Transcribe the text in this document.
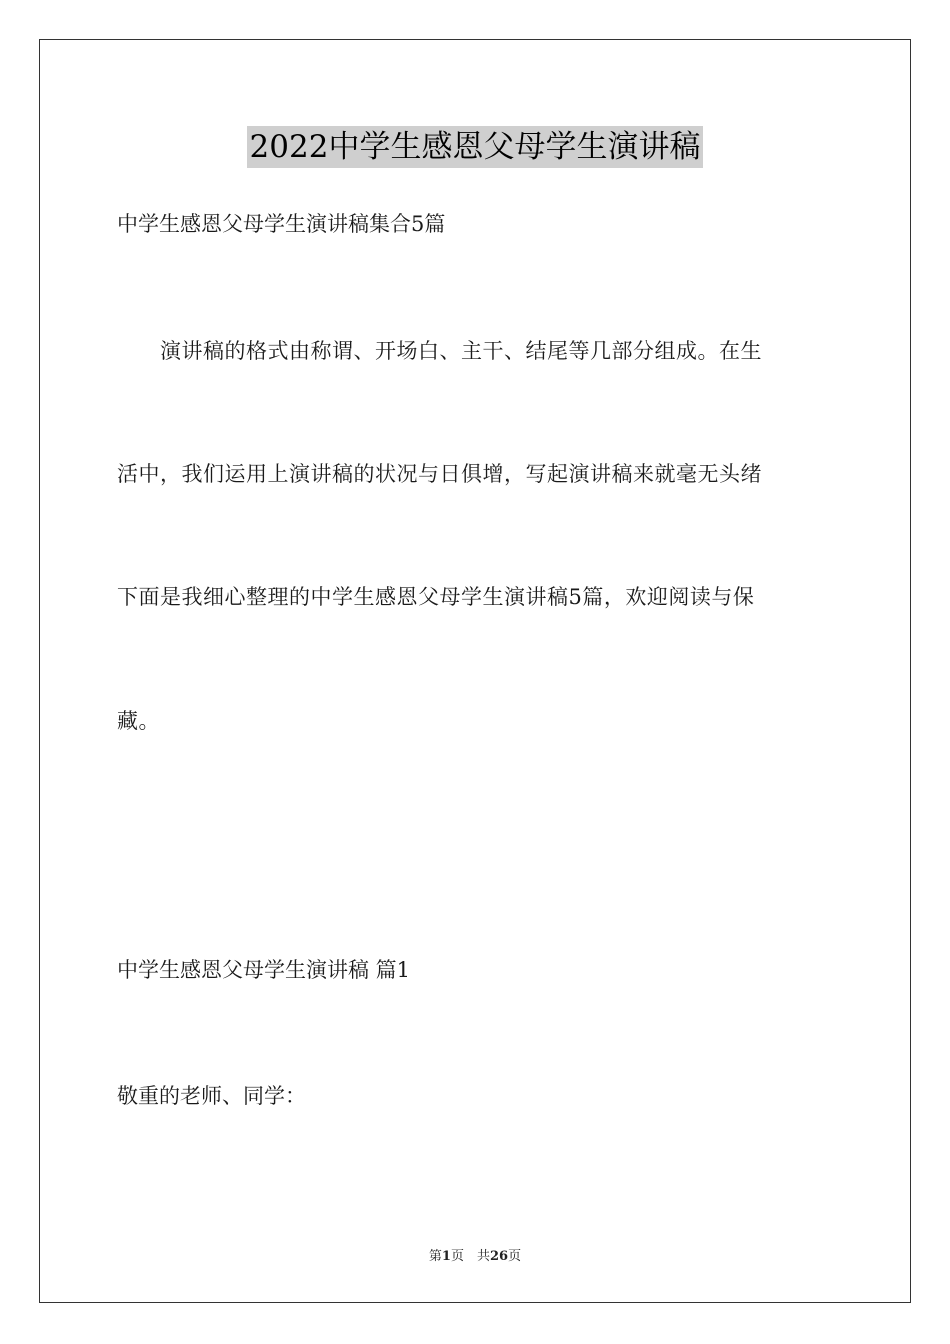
2022中学生感恩父母学生演讲稿
中学生感恩父母学生演讲稿集合5篇
　　演讲稿的格式由称谓、开场白、主干、结尾等几部分组成。在生
活中，我们运用上演讲稿的状况与日俱增，写起演讲稿来就毫无头绪
下面是我细心整理的中学生感恩父母学生演讲稿5篇，欢迎阅读与保
藏。
中学生感恩父母学生演讲稿 篇1
敬重的老师、同学：
第1页　共26页
